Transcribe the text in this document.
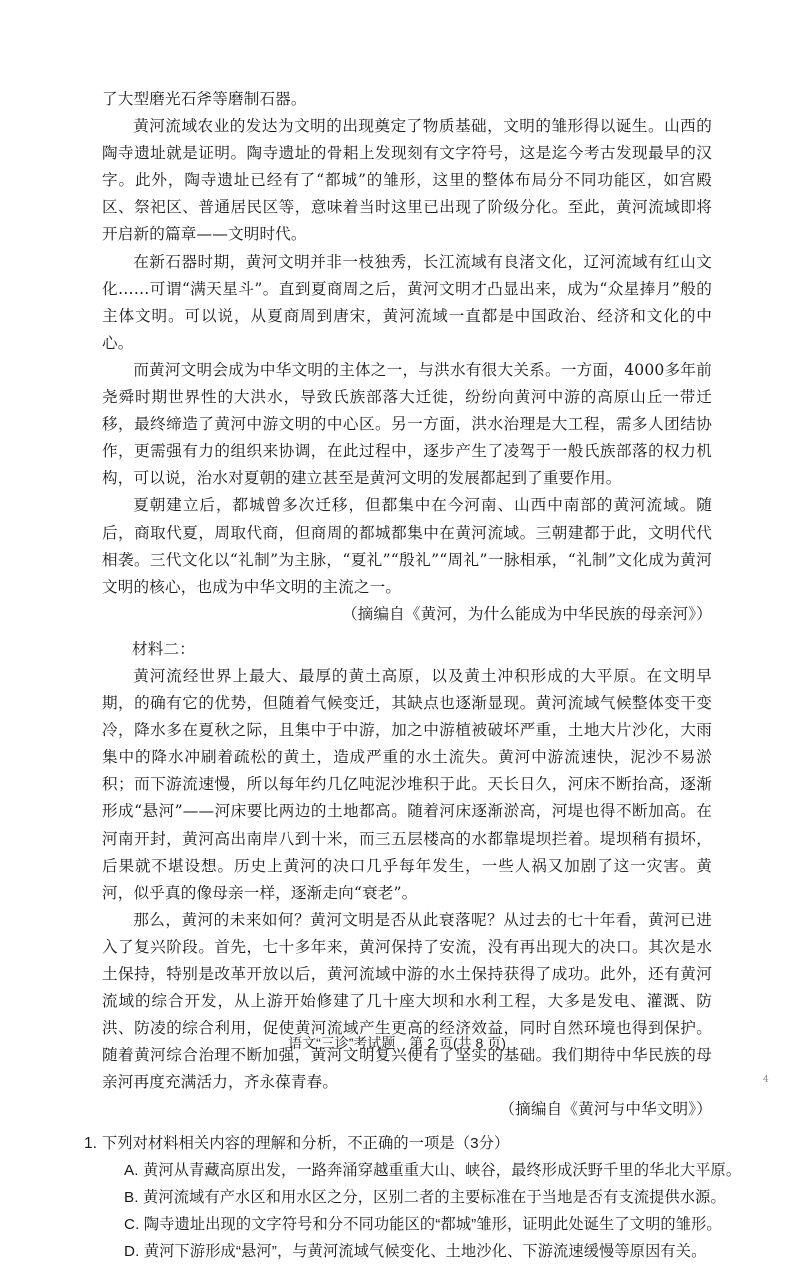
了大型磨光石斧等磨制石器。

黄河流域农业的发达为文明的出现奠定了物质基础，文明的雏形得以诞生。山西的陶寺遗址就是证明。陶寺遗址的骨耜上发现刻有文字符号，这是迄今考古发现最早的汉字。此外，陶寺遗址已经有了“都城”的雏形，这里的整体布局分不同功能区，如宫殿区、祭祀区、普通居民区等，意味着当时这里已出现了阶级分化。至此，黄河流域即将开启新的篇章——文明时代。

在新石器时期，黄河文明并非一枝独秀，长江流域有良渚文化，辽河流域有红山文化……可谓“满天星斗”。直到夏商周之后，黄河文明才凸显出来，成为“众星捧月”般的主体文明。可以说，从夏商周到唐宋，黄河流域一直都是中国政治、经济和文化的中心。

而黄河文明会成为中华文明的主体之一，与洪水有很大关系。一方面，4000多年前尧舜时期世界性的大洪水，导致氏族部落大迁徙，纷纷向黄河中游的高原山丘一带迁移，最终缔造了黄河中游文明的中心区。另一方面，洪水治理是大工程，需多人团结协作，更需强有力的组织来协调，在此过程中，逐步产生了凌驾于一般氏族部落的权力机构，可以说，治水对夏朝的建立甚至是黄河文明的发展都起到了重要作用。

夏朝建立后，都城曾多次迁移，但都集中在今河南、山西中南部的黄河流域。随后，商取代夏，周取代商，但商周的都城都集中在黄河流域。三朝建都于此，文明代代相袭。三代文化以“礼制”为主脉，“夏礼”“殷礼”“周礼”一脉相承，“礼制”文化成为黄河文明的核心，也成为中华文明的主流之一。

（摘编自《黄河，为什么能成为中华民族的母亲河》）

材料二：

黄河流经世界上最大、最厚的黄土高原，以及黄土冲积形成的大平原。在文明早期，的确有它的优势，但随着气候变迁，其缺点也逐渐显现。黄河流域气候整体变干变冷，降水多在夏秋之际，且集中于中游，加之中游植被破坏严重，土地大片沙化，大雨集中的降水冲刷着疏松的黄土，造成严重的水土流失。黄河中游流速快，泥沙不易淤积；而下游流速慢，所以每年约几亿吨泥沙堆积于此。天长日久，河床不断抬高，逐渐形成“悬河”——河床要比两边的土地都高。随着河床逐渐淤高，河堤也得不断加高。在河南开封，黄河高出南岸八到十米，而三五层楼高的水都靠堤坝拦着。堤坝稍有损坏，后果就不堪设想。历史上黄河的决口几乎每年发生，一些人祸又加剧了这一灾害。黄河，似乎真的像母亲一样，逐渐走向“衰老”。

那么，黄河的未来如何？黄河文明是否从此衰落呢？从过去的七十年看，黄河已进入了复兴阶段。首先，七十多年来，黄河保持了安流，没有再出现大的决口。其次是水土保持，特别是改革开放以后，黄河流域中游的水土保持获得了成功。此外，还有黄河流域的综合开发，从上游开始修建了几十座大坝和水利工程，大多是发电、灌溉、防洪、防凌的综合利用，促使黄河流域产生更高的经济效益，同时自然环境也得到保护。随着黄河综合治理不断加强，黄河文明复兴便有了坚实的基础。我们期待中华民族的母亲河再度充满活力，齐永葆青春。

（摘编自《黄河与中华文明》）

1. 下列对材料相关内容的理解和分析，不正确的一项是（3分）

A. 黄河从青藏高原出发，一路奔涌穿越重重大山、峡谷，最终形成沃野千里的华北大平原。

B. 黄河流域有产水区和用水区之分，区别二者的主要标准在于当地是否有支流提供水源。

C. 陶寺遗址出现的文字符号和分不同功能区的“都城”雏形，证明此处诞生了文明的雏形。

D. 黄河下游形成“悬河”，与黄河流域气候变化、土地沙化、下游流速缓慢等原因有关。

语文“三诊”考试题　第 2 页(共 8 页)
4
